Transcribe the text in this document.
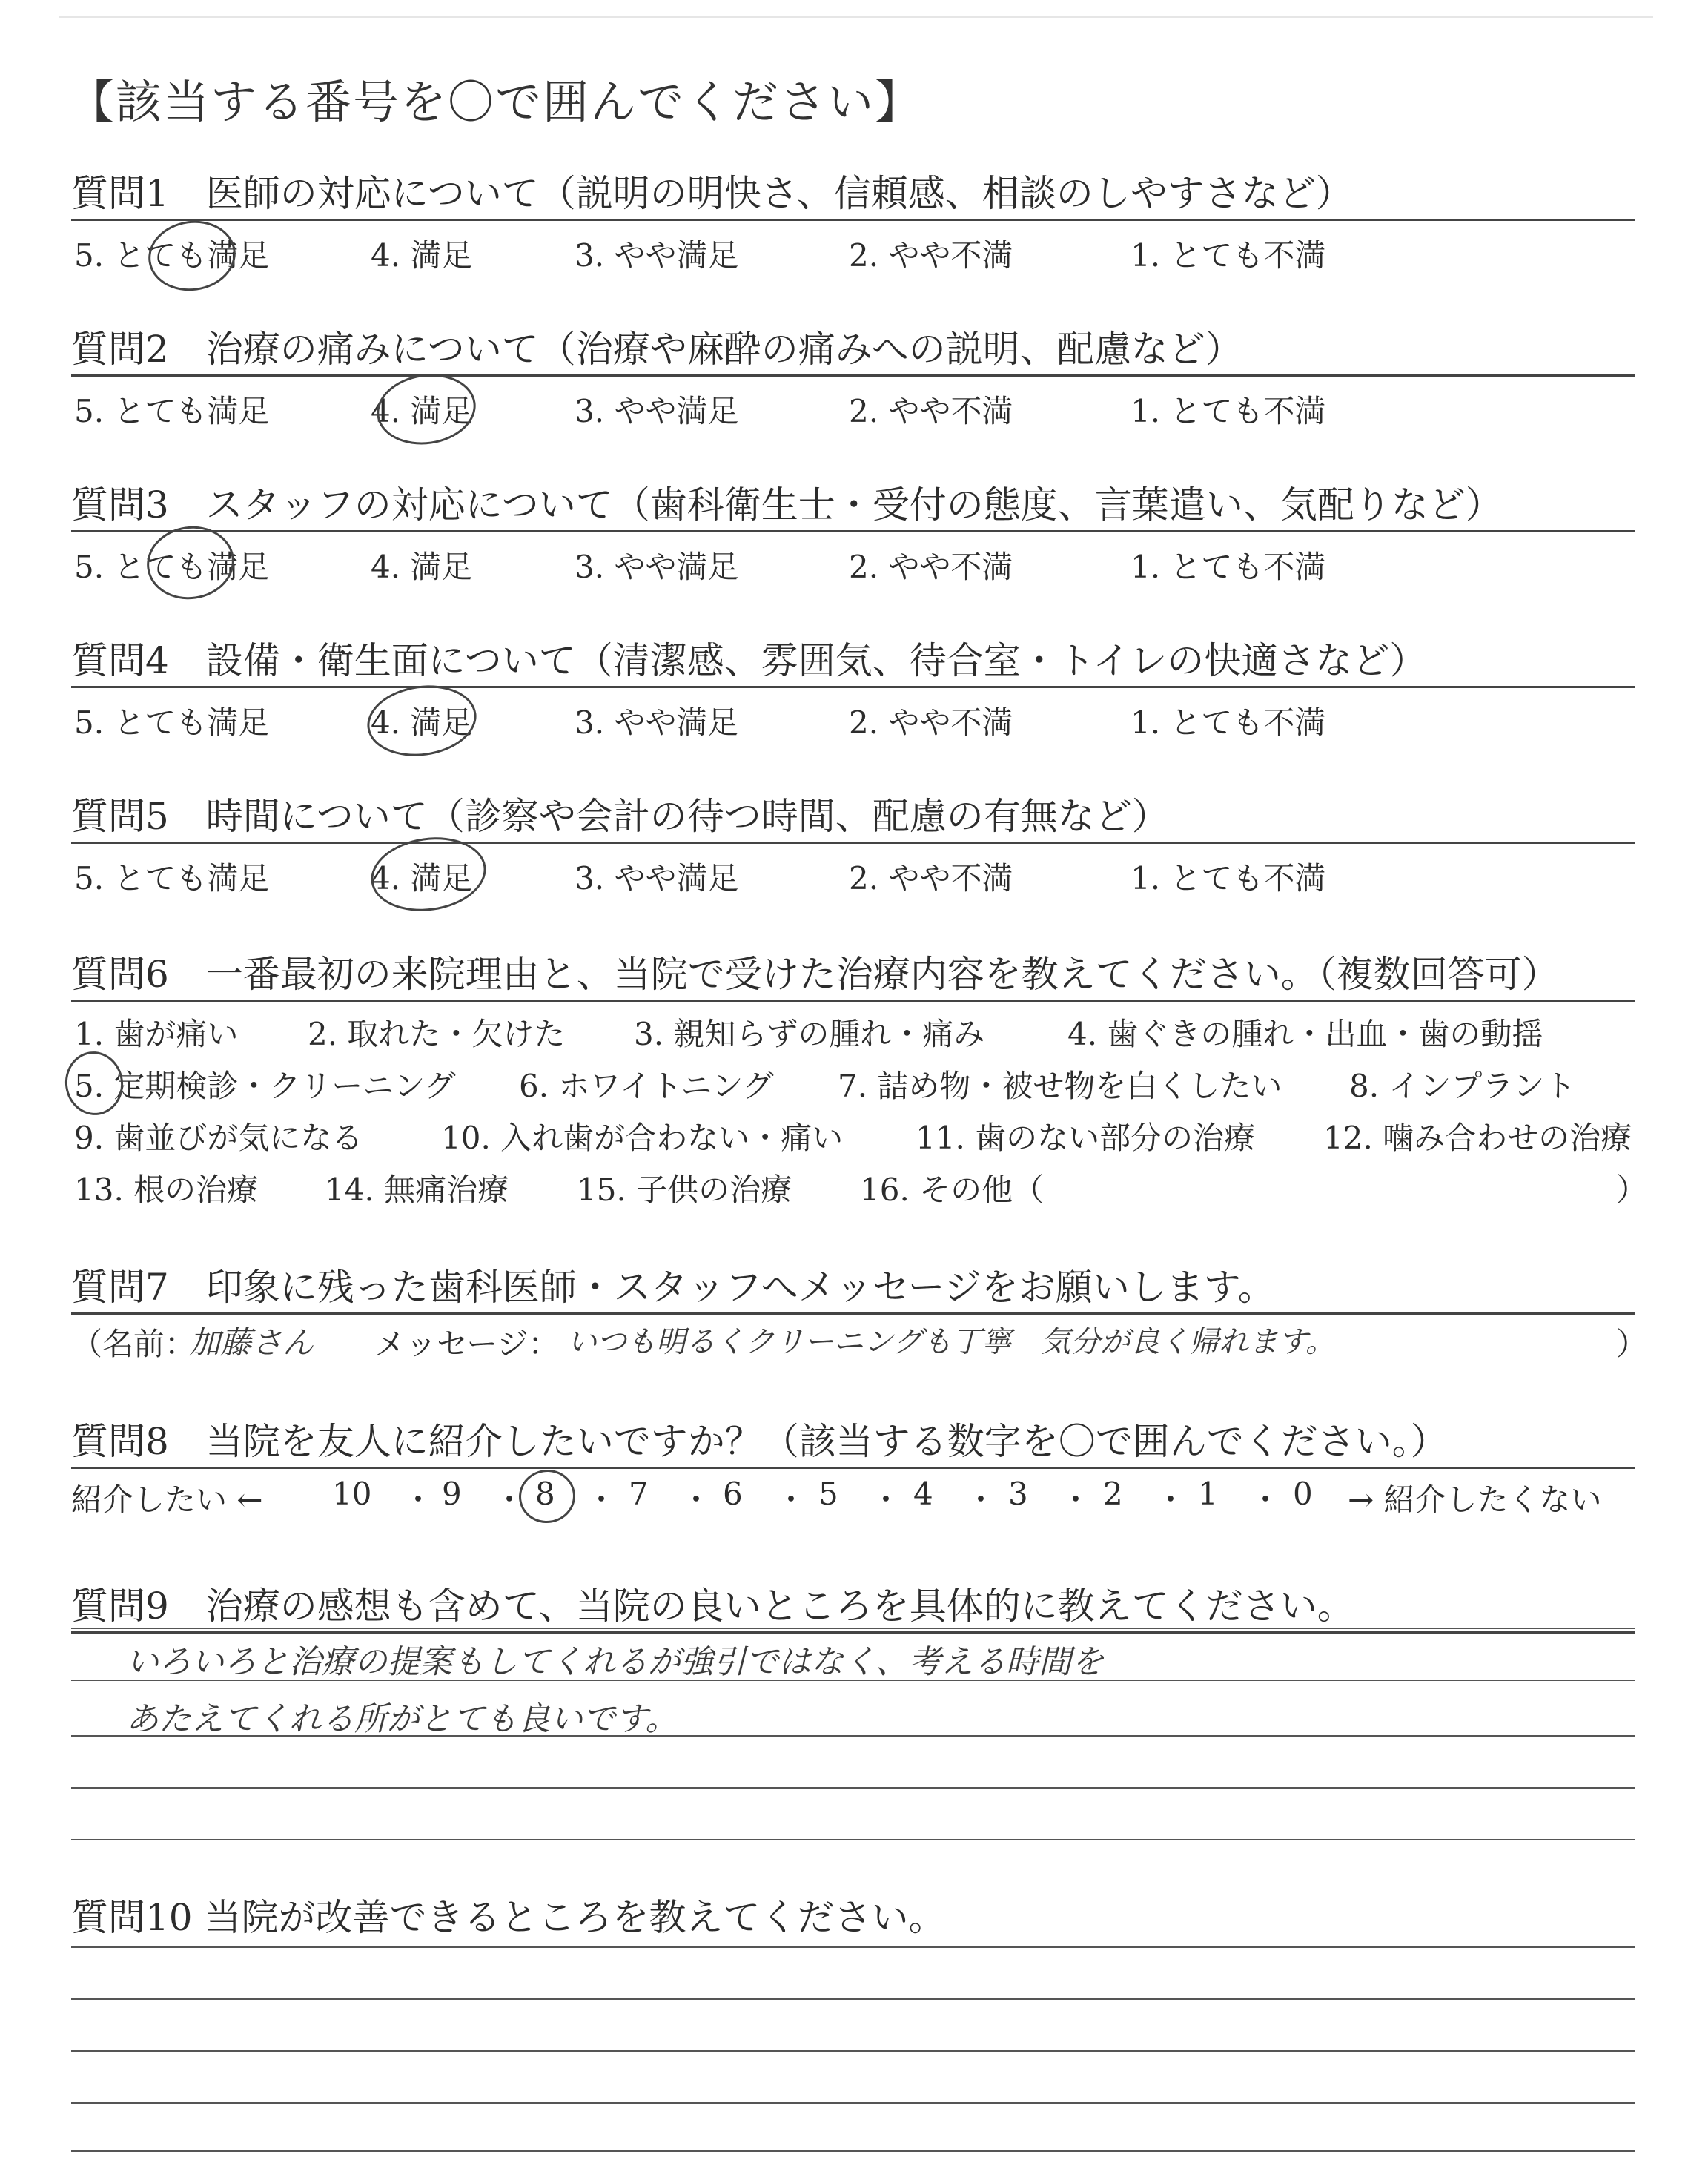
【該当する番号を〇で囲んでください】
質問1　医師の対応について（説明の明快さ、信頼感、相談のしやすさなど）
5. とても満足	4. 満足	3. やや満足	2. やや不満	1. とても不満
質問2　治療の痛みについて（治療や麻酔の痛みへの説明、配慮など）
5. とても満足	4. 満足	3. やや満足	2. やや不満	1. とても不満
質問3　スタッフの対応について（歯科衛生士・受付の態度、言葉遣い、気配りなど）
5. とても満足	4. 満足	3. やや満足	2. やや不満	1. とても不満
質問4　設備・衛生面について（清潔感、雰囲気、待合室・トイレの快適さなど）
5. とても満足	4. 満足	3. やや満足	2. やや不満	1. とても不満
質問5　時間について（診察や会計の待つ時間、配慮の有無など）
5. とても満足	4. 満足	3. やや満足	2. やや不満	1. とても不満
質問6　一番最初の来院理由と、当院で受けた治療内容を教えてください。（複数回答可）
1. 歯が痛い 2. 取れた・欠けた 3. 親知らずの腫れ・痛み	4. 歯ぐきの腫れ・出血・歯の動揺
5. 定期検診・クリーニング 6. ホワイトニング 7. 詰め物・被せ物を白くしたい 8. インプラント
9. 歯並びが気になる	10. 入れ歯が合わない・痛い 11. 歯のない部分の治療 12. 噛み合わせの治療
13. 根の治療 14. 無痛治療 15. 子供の治療 16. その他（	）
質問7　印象に残った歯科医師・スタッフへメッセージをお願いします。
（名前：
加藤さん メッセージ： いつも明るくクリーニングも丁寧　気分が良く帰れます。	）
質問8　当院を友人に紹介したいですか？（該当する数字を〇で囲んでください。）
紹介したい ← 10 ・ 9 ・ 8 ・ 7 ・ 6 ・ 5 ・ 4 ・ 3 ・ 2 ・ 1 ・ 0 → 紹介したくない
質問9　治療の感想も含めて、当院の良いところを具体的に教えてください。
いろいろと治療の提案もしてくれるが強引ではなく、考える時間を
あたえてくれる所がとても良いです。
質問10 当院が改善できるところを教えてください。
